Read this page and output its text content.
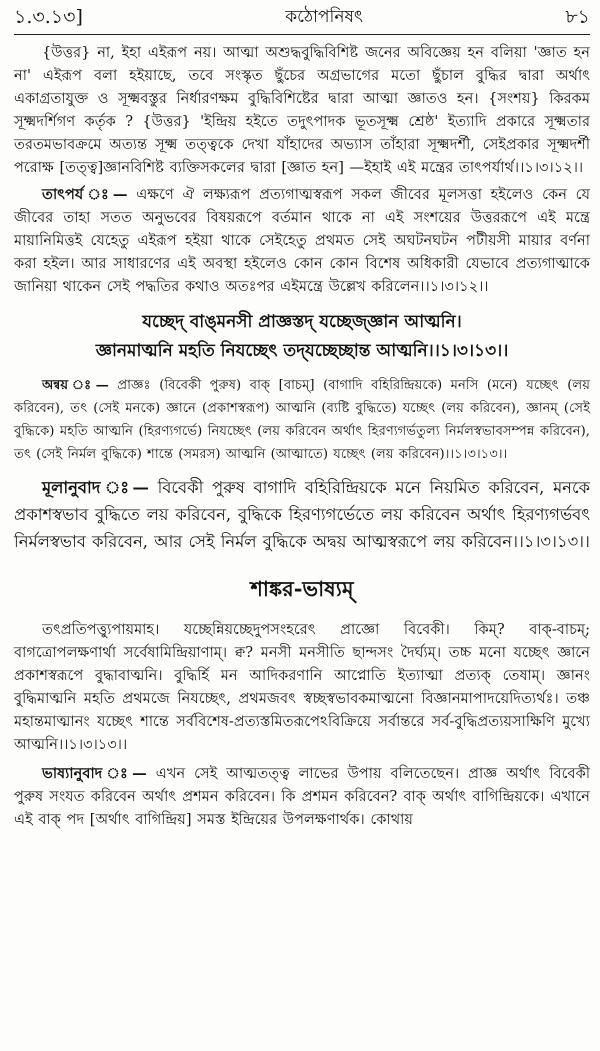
১.৩.১৩]	কঠোপনিষৎ	৮১

{উত্তর} না, ইহা এইরূপ নয়। আত্মা অশুদ্ধবুদ্ধিবিশিষ্ট জনের অবিজ্ঞেয় হন বলিয়া 'জ্ঞাত হন না' এইরূপ বলা হইয়াছে, তবে সংস্কৃত ছুঁচের অগ্রভাগের মতো ছুঁচাল বুদ্ধির দ্বারা অর্থাৎ একাগ্রতাযুক্ত ও সূক্ষ্মবস্তুর নির্ধারণক্ষম বুদ্ধিবিশিষ্টের দ্বারা আত্মা জ্ঞাতও হন। {সংশয়} কিরকম সূক্ষ্মদর্শিগণ কর্তৃক ? {উত্তর} 'ইন্দ্রিয় হইতে তদুৎপাদক ভূতসূক্ষ্ম শ্রেষ্ঠ' ইত্যাদি প্রকারে সূক্ষ্মতার তরতমভাবক্রমে অত্যন্ত সূক্ষ্ম তত্ত্বকে দেখা যাঁহাদের অভ্যাস তাঁহারা সূক্ষ্মদর্শী, সেইপ্রকার সূক্ষ্মদর্শী পরোক্ষ [তত্ত্ব]জ্ঞানবিশিষ্ট ব্যক্তিসকলের দ্বারা [জ্ঞাত হন] —ইহাই এই মন্ত্রের তাৎপর্যার্থ।।১।৩।১২।।

তাৎপর্য ঃ— এক্ষণে ঐ লক্ষ্যরূপ প্রত্যগাত্মস্বরূপ সকল জীবের মূলসত্তা হইলেও কেন যে জীবের তাহা সতত অনুভবের বিষয়রূপে বর্তমান থাকে না এই সংশয়ের উত্তররূপে এই মন্ত্রে মায়ানিমিত্তই যেহেতু এইরূপ হইয়া থাকে সেইহেতু প্রথমত সেই অঘটনঘটন পটীয়সী মায়ার বর্ণনা করা হইল। আর সাধারণের এই অবস্থা হইলেও কোন কোন বিশেষ অধিকারী যেভাবে প্রত্যগাত্মাকে জানিয়া থাকেন সেই পদ্ধতির কথাও অতঃপর এইমন্ত্রে উল্লেখ করিলেন।।১।৩।১২।।

যচ্ছেদ্ বাঙ্‌মনসী প্রাজ্ঞস্তদ্ যচ্ছেজ্জ্ঞান আত্মনি।
জ্ঞানমাত্মনি মহতি নিযচ্ছেৎ তদ্‌যচ্ছেচ্ছান্ত আত্মনি।।১।৩।১৩।।

অন্বয় ঃ— প্রাজ্ঞঃ (বিবেকী পুরুষ) বাক্ [বাচম্] (বাগাদি বহিরিন্দ্রিয়কে) মনসি (মনে) যচ্ছেৎ (লয় করিবেন), তৎ (সেই মনকে) জ্ঞানে (প্রকাশস্বরূপ) আত্মনি (ব্যষ্টি বুদ্ধিতে) যচ্ছেৎ (লয় করিবেন), জ্ঞানম্ (সেই বুদ্ধিকে) মহতি আত্মনি (হিরণ্যগর্ভে) নিযচ্ছেৎ (লয় করিবেন অর্থাৎ হিরণ্যগর্ভতুল্য নির্মলস্বভাবসম্পন্ন করিবেন), তৎ (সেই নির্মল বুদ্ধিকে) শান্তে (সমরস) আত্মনি (আত্মাতে) যচ্ছেৎ (লয় করিবেন)।।১।৩।১৩।।

মূলানুবাদ ঃ— বিবেকী পুরুষ বাগাদি বহিরিন্দ্রিয়কে মনে নিয়মিত করিবেন, মনকে প্রকাশস্বভাব বুদ্ধিতে লয় করিবেন, বুদ্ধিকে হিরণ্যগর্ভেতে লয় করিবেন অর্থাৎ হিরণ্যগর্ভবৎ নির্মলস্বভাব করিবেন, আর সেই নির্মল বুদ্ধিকে অদ্বয় আত্মস্বরূপে লয় করিবেন।।১।৩।১৩।।

শাঙ্কর-ভাষ্যম্

তৎপ্রতিপত্ত্যুপায়মাহ। যচ্ছেন্নিয়চ্ছেদুপসংহরেৎ প্রাজ্ঞো বিবেকী। কিম্? বাক্-বাচম্; বাগত্রোপলক্ষণার্থা সর্বেষামিন্দ্রিয়াণাম্। ক্ব? মনসী মনসীতি ছান্দসং দৈর্ঘ্যম্। তচ্চ মনো যচ্ছেৎ জ্ঞানে প্রকাশস্বরূপে বুদ্ধাবাত্মনি। বুদ্ধির্হি মন আদিকরণানি আপ্নোতি ইত্যাত্মা প্রত্যক্ তেষাম্। জ্ঞানং বুদ্ধিমাত্মনি মহতি প্রথমজে নিযচ্ছেৎ, প্রথমজবৎ স্বচ্ছস্বভাবকমাত্মনো বিজ্ঞানমাপাদয়েদিত্যর্থঃ। তঞ্চ মহান্তমাত্মানং যচ্ছেৎ শান্তে সর্ববিশেষ-প্রত্যস্তমিতরূপেঽবিক্রিয়ে সর্বান্তরে সর্ব-বুদ্ধিপ্রত্যয়সাক্ষিণি মুখ্যে আত্মনি।।১।৩।১৩।।

ভাষ্যানুবাদ ঃ— এখন সেই আত্মতত্ত্ব লাভের উপায় বলিতেছেন। প্রাজ্ঞ অর্থাৎ বিবেকী পুরুষ সংযত করিবেন অর্থাৎ প্রশমন করিবেন। কি প্রশমন করিবেন? বাক্ অর্থাৎ বাগিন্দ্রিয়কে। এখানে এই বাক্ পদ [অর্থাৎ বাগিন্দ্রিয়] সমস্ত ইন্দ্রিয়ের উপলক্ষণার্থক। কোথায়
